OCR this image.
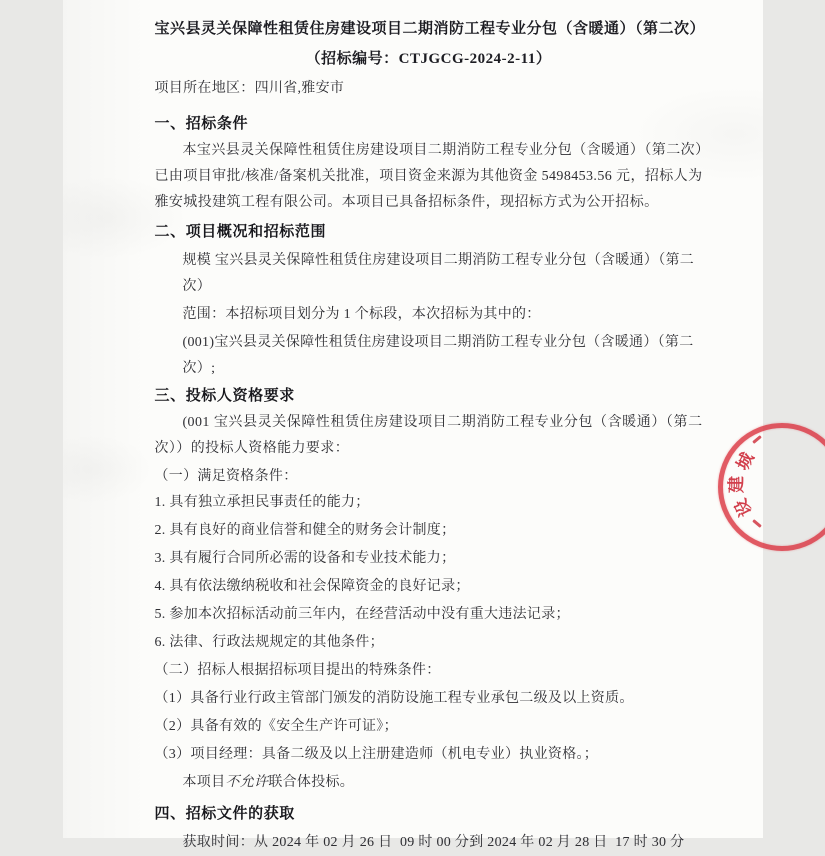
宝兴县灵关保障性租赁住房建设项目二期消防工程专业分包（含暖通）（第二次）
（招标编号：CTJGCG-2024-2-11）
项目所在地区：四川省,雅安市
一、招标条件

本宝兴县灵关保障性租赁住房建设项目二期消防工程专业分包（含暖通）（第二次）已由项目审批/核准/备案机关批准，项目资金来源为其他资金 5498453.56 元，招标人为雅安城投建筑工程有限公司。本项目已具备招标条件，现招标方式为公开招标。

二、项目概况和招标范围
规模 宝兴县灵关保障性租赁住房建设项目二期消防工程专业分包（含暖通）（第二次）
范围：本招标项目划分为 1 个标段，本次招标为其中的：
(001)宝兴县灵关保障性租赁住房建设项目二期消防工程专业分包（含暖通）（第二次）;
三、投标人资格要求

(001 宝兴县灵关保障性租赁住房建设项目二期消防工程专业分包（含暖通）（第二次））的投标人资格能力要求：

（一）满足资格条件：
1. 具有独立承担民事责任的能力；
2. 具有良好的商业信誉和健全的财务会计制度；
3. 具有履行合同所必需的设备和专业技术能力；
4. 具有依法缴纳税收和社会保障资金的良好记录；
5. 参加本次招标活动前三年内，在经营活动中没有重大违法记录；
6. 法律、行政法规规定的其他条件；
（二）招标人根据招标项目提出的特殊条件：
（1）具备行业行政主管部门颁发的消防设施工程专业承包二级及以上资质。
（2）具备有效的《安全生产许可证》；
（3）项目经理：具备二级及以上注册建造师（机电专业）执业资格。；
本项目不允许联合体投标。
四、招标文件的获取
获取时间：从 2024 年 02 月 26 日  09 时 00 分到 2024 年 02 月 28 日  17 时 30 分
城
建
设
